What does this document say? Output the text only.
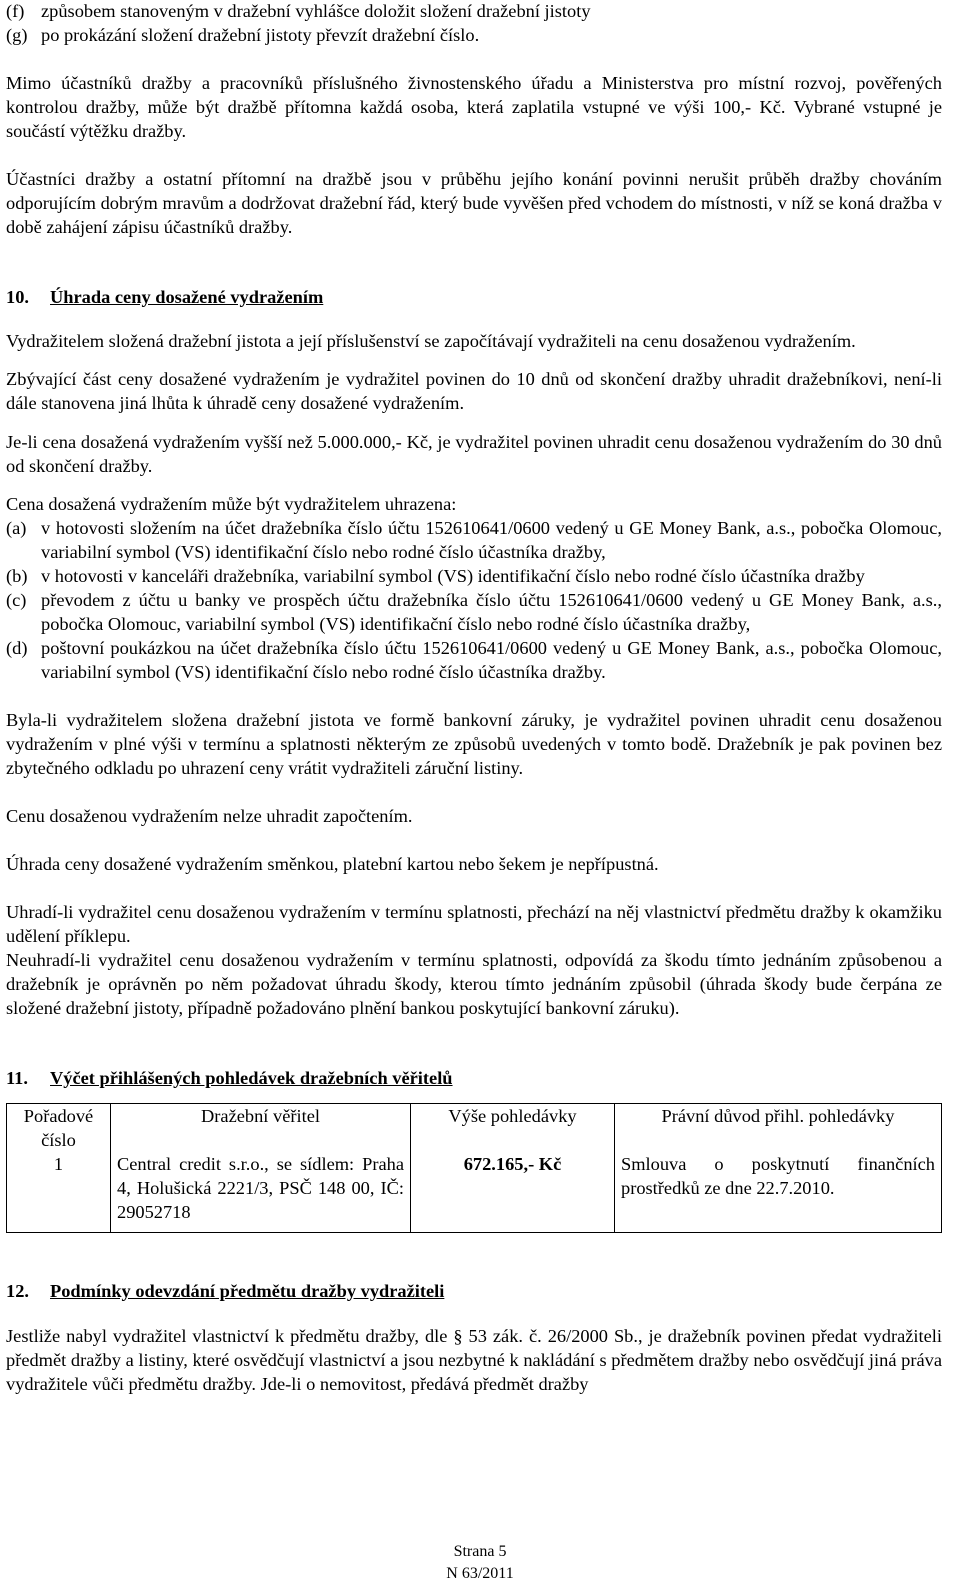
(f) způsobem stanoveným v dražební vyhlášce doložit složení dražební jistoty
(g) po prokázání složení dražební jistoty převzít dražební číslo.

Mimo účastníků dražby a pracovníků příslušného živnostenského úřadu a Ministerstva pro místní rozvoj, pověřených kontrolou dražby, může být dražbě přítomna každá osoba, která zaplatila vstupné ve výši 100,- Kč. Vybrané vstupné je součástí výtěžku dražby.

Účastníci dražby a ostatní přítomní na dražbě jsou v průběhu jejího konání povinni nerušit průběh dražby chováním odporujícím dobrým mravům a dodržovat dražební řád, který bude vyvěšen před vchodem do místnosti, v níž se koná dražba v době zahájení zápisu účastníků dražby.

10.	Úhrada ceny dosažené vydražením

Vydražitelem složená dražební jistota a její příslušenství se započítávají vydražiteli na cenu dosaženou vydražením.

Zbývající část ceny dosažené vydražením je vydražitel povinen do 10 dnů od skončení dražby uhradit dražebníkovi, není-li dále stanovena jiná lhůta k úhradě ceny dosažené vydražením.

Je-li cena dosažená vydražením vyšší než 5.000.000,- Kč, je vydražitel povinen uhradit cenu dosaženou vydražením do 30 dnů od skončení dražby.

Cena dosažená vydražením může být vydražitelem uhrazena:

(a) v hotovosti složením na účet dražebníka číslo účtu 152610641/0600 vedený u GE Money Bank, a.s., pobočka Olomouc, variabilní symbol (VS) identifikační číslo nebo rodné číslo účastníka dražby,
(b) v hotovosti v kanceláři dražebníka, variabilní symbol (VS) identifikační číslo nebo rodné číslo účastníka dražby
(c) převodem z účtu u banky ve prospěch účtu dražebníka číslo účtu 152610641/0600 vedený u GE Money Bank, a.s., pobočka Olomouc, variabilní symbol (VS) identifikační číslo nebo rodné číslo účastníka dražby,
(d) poštovní poukázkou na účet dražebníka číslo účtu 152610641/0600 vedený u GE Money Bank, a.s., pobočka Olomouc, variabilní symbol (VS) identifikační číslo nebo rodné číslo účastníka dražby.

Byla-li vydražitelem složena dražební jistota ve formě bankovní záruky, je vydražitel povinen uhradit cenu dosaženou vydražením v plné výši v termínu a splatnosti některým ze způsobů uvedených v tomto bodě. Dražebník je pak povinen bez zbytečného odkladu po uhrazení ceny vrátit vydražiteli záruční listiny.

Cenu dosaženou vydražením nelze uhradit započtením.

Úhrada ceny dosažené vydražením směnkou, platební kartou nebo šekem je nepřípustná.

Uhradí-li vydražitel cenu dosaženou vydražením v termínu splatnosti, přechází na něj vlastnictví předmětu dražby k okamžiku udělení příklepu.

Neuhradí-li vydražitel cenu dosaženou vydražením v termínu splatnosti, odpovídá za škodu tímto jednáním způsobenou a dražebník je oprávněn po něm požadovat úhradu škody, kterou tímto jednáním způsobil (úhrada škody bude čerpána ze složené dražební jistoty, případně požadováno plnění bankou poskytující bankovní záruku).

11.	Výčet přihlášených pohledávek dražebních věřitelů
Pořadové číslo	Dražební věřitel	Výše pohledávky	Právní důvod přihl. pohledávky
1	Central credit s.r.o., se sídlem: Praha 4, Holušická 2221/3, PSČ 148 00, IČ: 29052718	672.165,- Kč	Smlouva o poskytnutí finančních prostředků ze dne 22.7.2010.
12.	Podmínky odevzdání předmětu dražby vydražiteli

Jestliže nabyl vydražitel vlastnictví k předmětu dražby, dle § 53 zák. č. 26/2000 Sb., je dražebník povinen předat vydražiteli předmět dražby a listiny, které osvědčují vlastnictví a jsou nezbytné k nakládání s předmětem dražby nebo osvědčují jiná práva vydražitele vůči předmětu dražby. Jde-li o nemovitost, předává předmět dražby

Strana 5
N 63/2011
